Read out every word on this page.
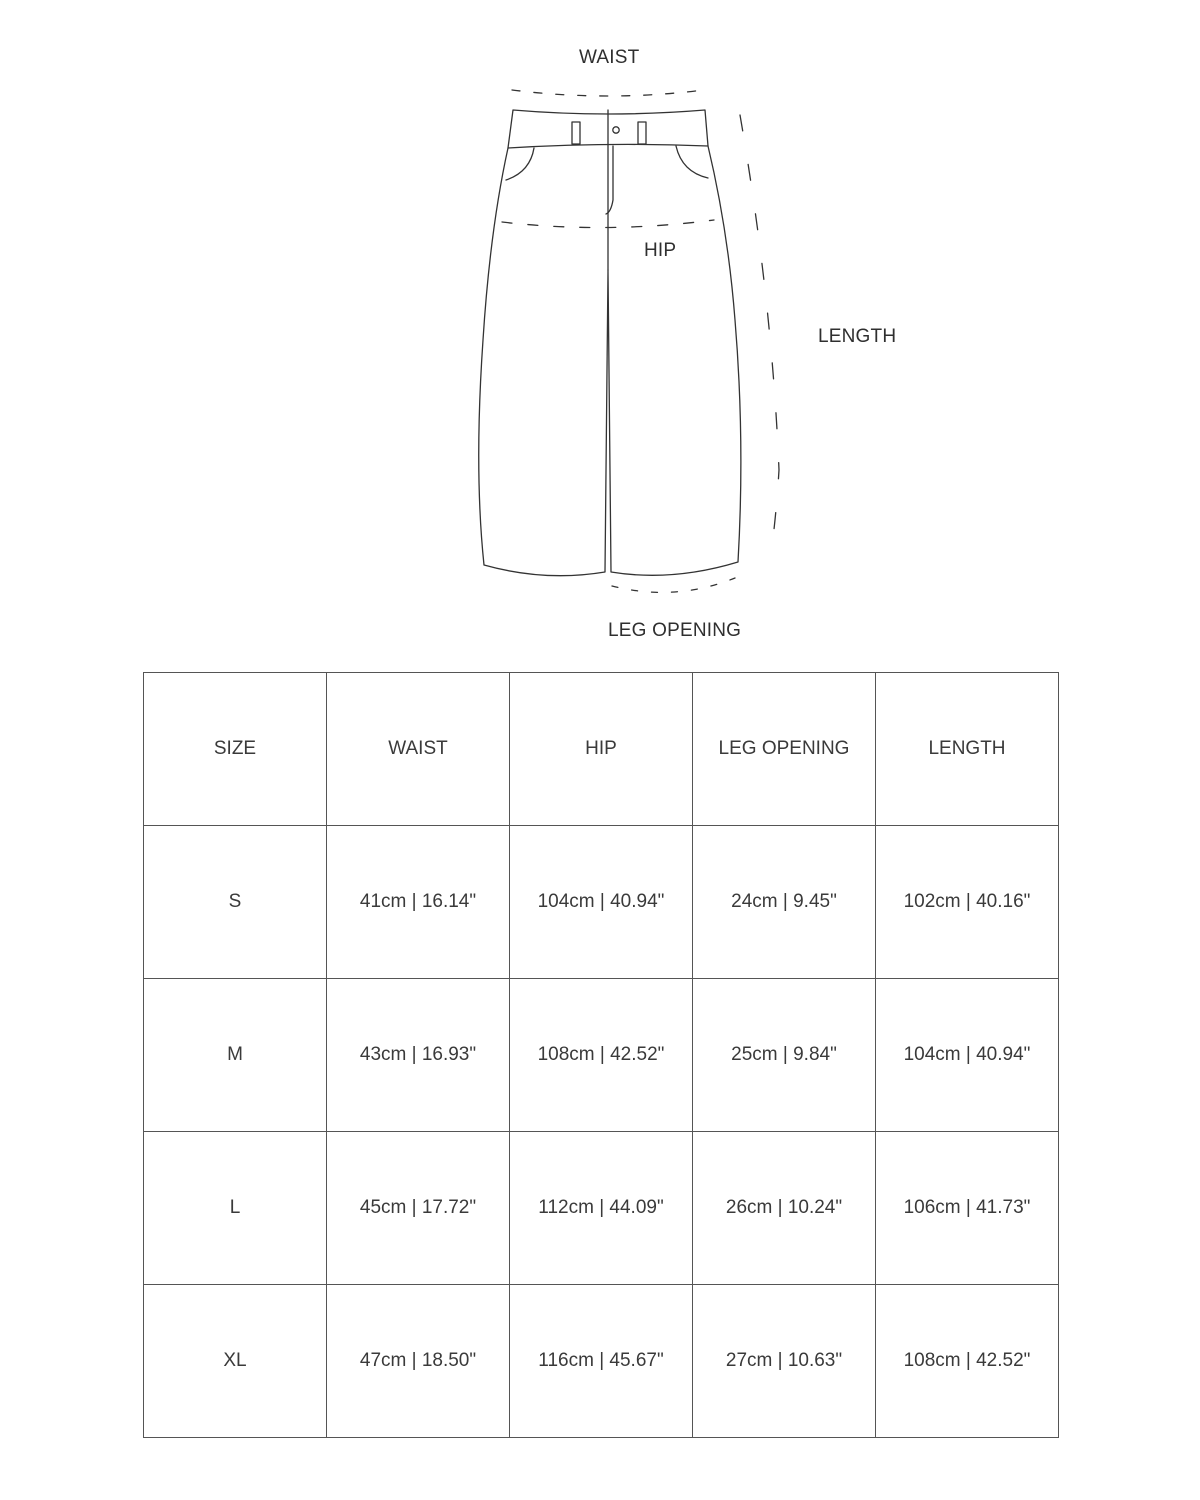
WAIST
HIP
LENGTH
LEG OPENING
SIZE	WAIST	HIP	LEG OPENING	LENGTH
S	41cm | 16.14"	104cm | 40.94"	24cm | 9.45"	102cm | 40.16"
M	43cm | 16.93"	108cm | 42.52"	25cm | 9.84"	104cm | 40.94"
L	45cm | 17.72"	112cm | 44.09"	26cm | 10.24"	106cm | 41.73"
XL	47cm | 18.50"	116cm | 45.67"	27cm | 10.63"	108cm | 42.52"
